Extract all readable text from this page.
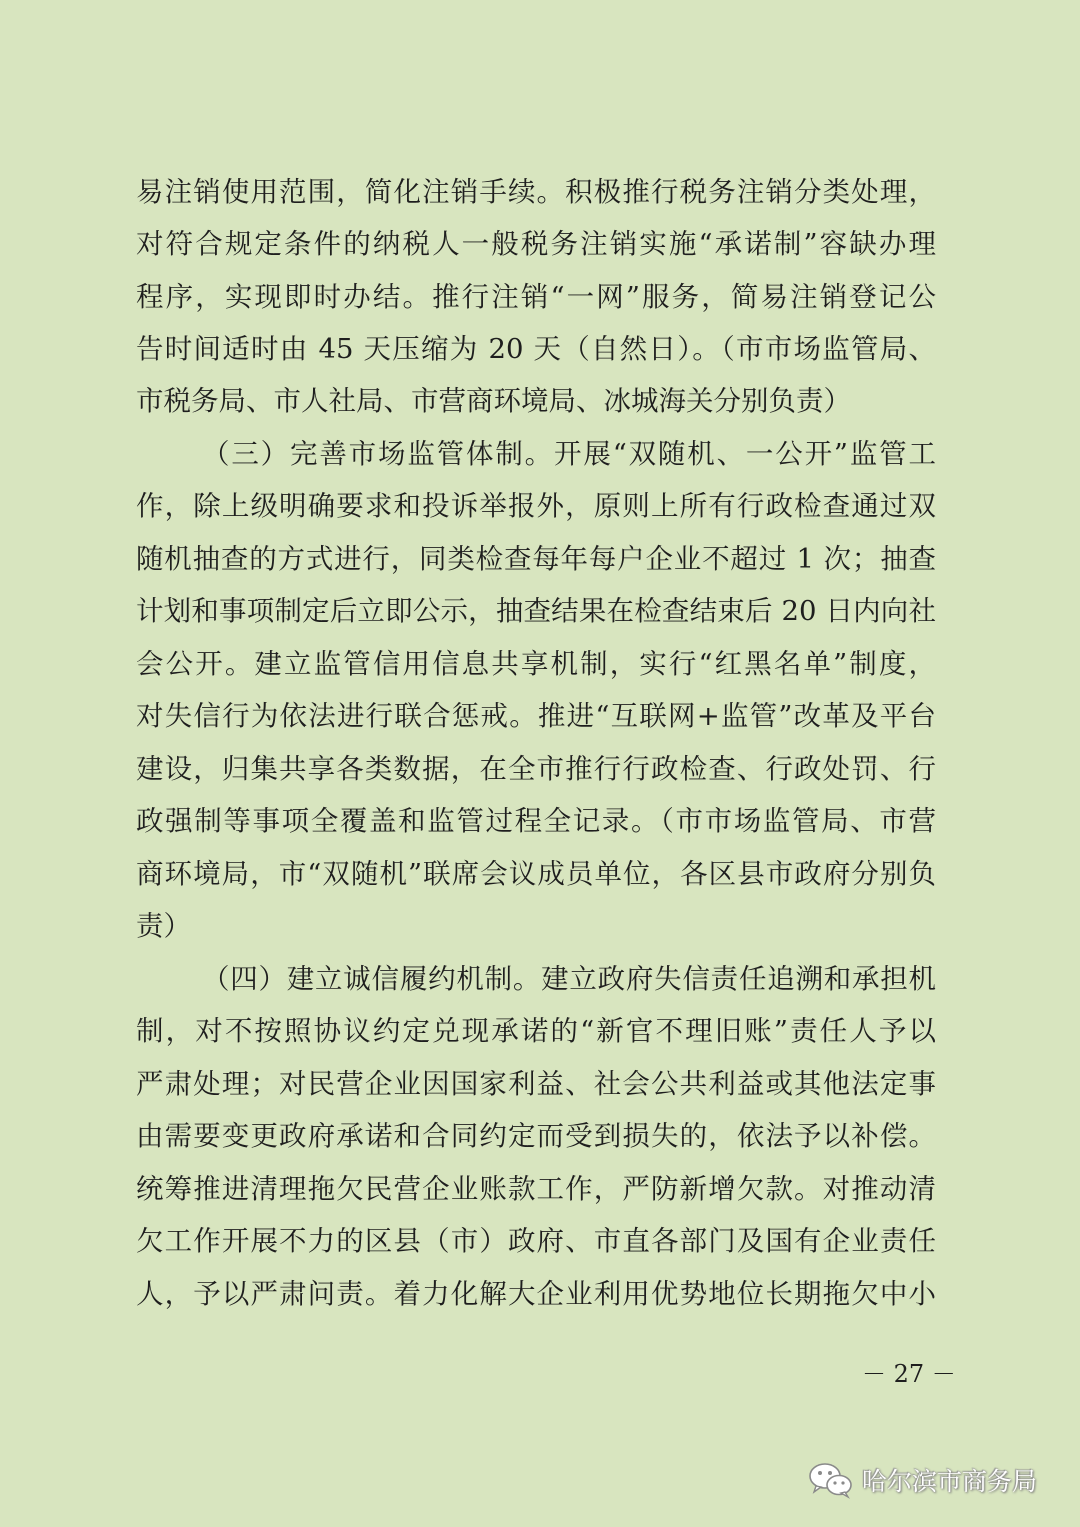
易注销使用范围，简化注销手续。积极推行税务注销分类处理，
对符合规定条件的纳税人一般税务注销实施“承诺制”容缺办理
程序，实现即时办结。推行注销“一网”服务，简易注销登记公
告时间适时由 45 天压缩为 20 天（自然日）。（市市场监管局、
市税务局、市人社局、市营商环境局、冰城海关分别负责）
（三）完善市场监管体制。开展“双随机、一公开”监管工
作，除上级明确要求和投诉举报外，原则上所有行政检查通过双
随机抽查的方式进行，同类检查每年每户企业不超过 1 次；抽查
计划和事项制定后立即公示，抽查结果在检查结束后 20 日内向社
会公开。建立监管信用信息共享机制，实行“红黑名单”制度，
对失信行为依法进行联合惩戒。推进“互联网+监管”改革及平台
建设，归集共享各类数据，在全市推行行政检查、行政处罚、行
政强制等事项全覆盖和监管过程全记录。（市市场监管局、市营
商环境局，市“双随机”联席会议成员单位，各区县市政府分别负
责）
（四）建立诚信履约机制。建立政府失信责任追溯和承担机
制，对不按照协议约定兑现承诺的“新官不理旧账”责任人予以
严肃处理；对民营企业因国家利益、社会公共利益或其他法定事
由需要变更政府承诺和合同约定而受到损失的，依法予以补偿。
统筹推进清理拖欠民营企业账款工作，严防新增欠款。对推动清
欠工作开展不力的区县（市）政府、市直各部门及国有企业责任
人，予以严肃问责。着力化解大企业利用优势地位长期拖欠中小
－ 27 －
哈尔滨市商务局
